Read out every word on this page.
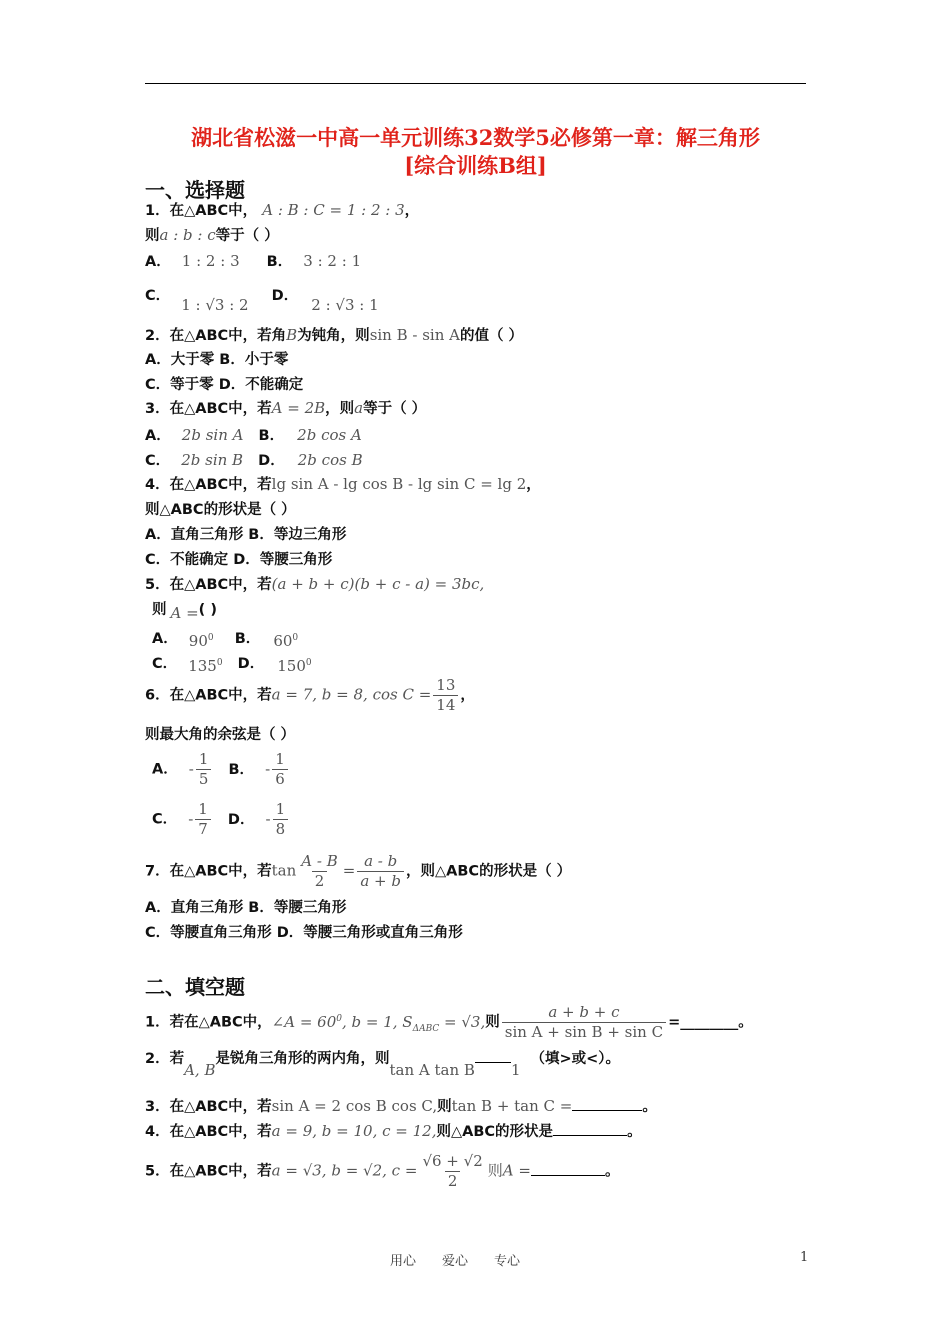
湖北省松滋一中高一单元训练32数学5必修第一章：解三角形
[综合训练B组]
一、选择题
1．在△ABC中， A : B : C = 1 : 2 : 3，
则a : b : c等于（ ）
A． 1 : 2 : 3 B． 3 : 2 : 1
C． 1 : √3 : 2 D． 2 : √3 : 1
2．在△ABC中，若角B为钝角，则sin B - sin A的值（ ）
A．大于零 B．小于零
C．等于零 D．不能确定
3．在△ABC中，若A = 2B，则a等于（ ）
A． 2b sin A B． 2b cos A
C． 2b sin B D． 2b cos B
4．在△ABC中，若lg sin A - lg cos B - lg sin C = lg 2，
则△ABC的形状是（ ）
A．直角三角形 B．等边三角形
C．不能确定 D．等腰三角形
5．在△ABC中，若(a + b + c)(b + c - a) = 3bc,
则 A =( )
A． $90^0$ B． $60^0$
C． $135^0$ D． $150^0$
6．在△ABC中，若a = 7, b = 8, $\cos C = \frac{13}{14}$ ，
则最大角的余弦是（ ）
A． - $\frac{1}{5}$ B． - $\frac{1}{6}$
C． - $\frac{1}{7}$ D． - $\frac{1}{8}$
7．在△ABC中，若$\tan \frac{A - B}{2} = \frac{a - b}{a + b}$ ，则△ABC的形状是（ ）
A．直角三角形 B．等腰三角形
C．等腰直角三角形 D．等腰三角形或直角三角形
二、填空题
1．若在△ABC中，∠A = $60^0$, b = 1, $S_{\Delta ABC} = √3$,则 $\frac{a + b + c}{\text{sin A + sin B + sin C}}$ =________。
2．若A, B是锐角三角形的两内角，则tan A tan B 1（填>或<）。
3．在△ABC中，若sin A = 2 cos B cos C,则tan B + tan C =	。
4．在△ABC中，若a = 9, b = 10, c = 12,则△ABC的形状是	。
5．在△ABC中，若a = √3, b = √2, $c = \frac{√6 + √2}{2}$ 则A =	。
用心　　爱心　　专心	1
